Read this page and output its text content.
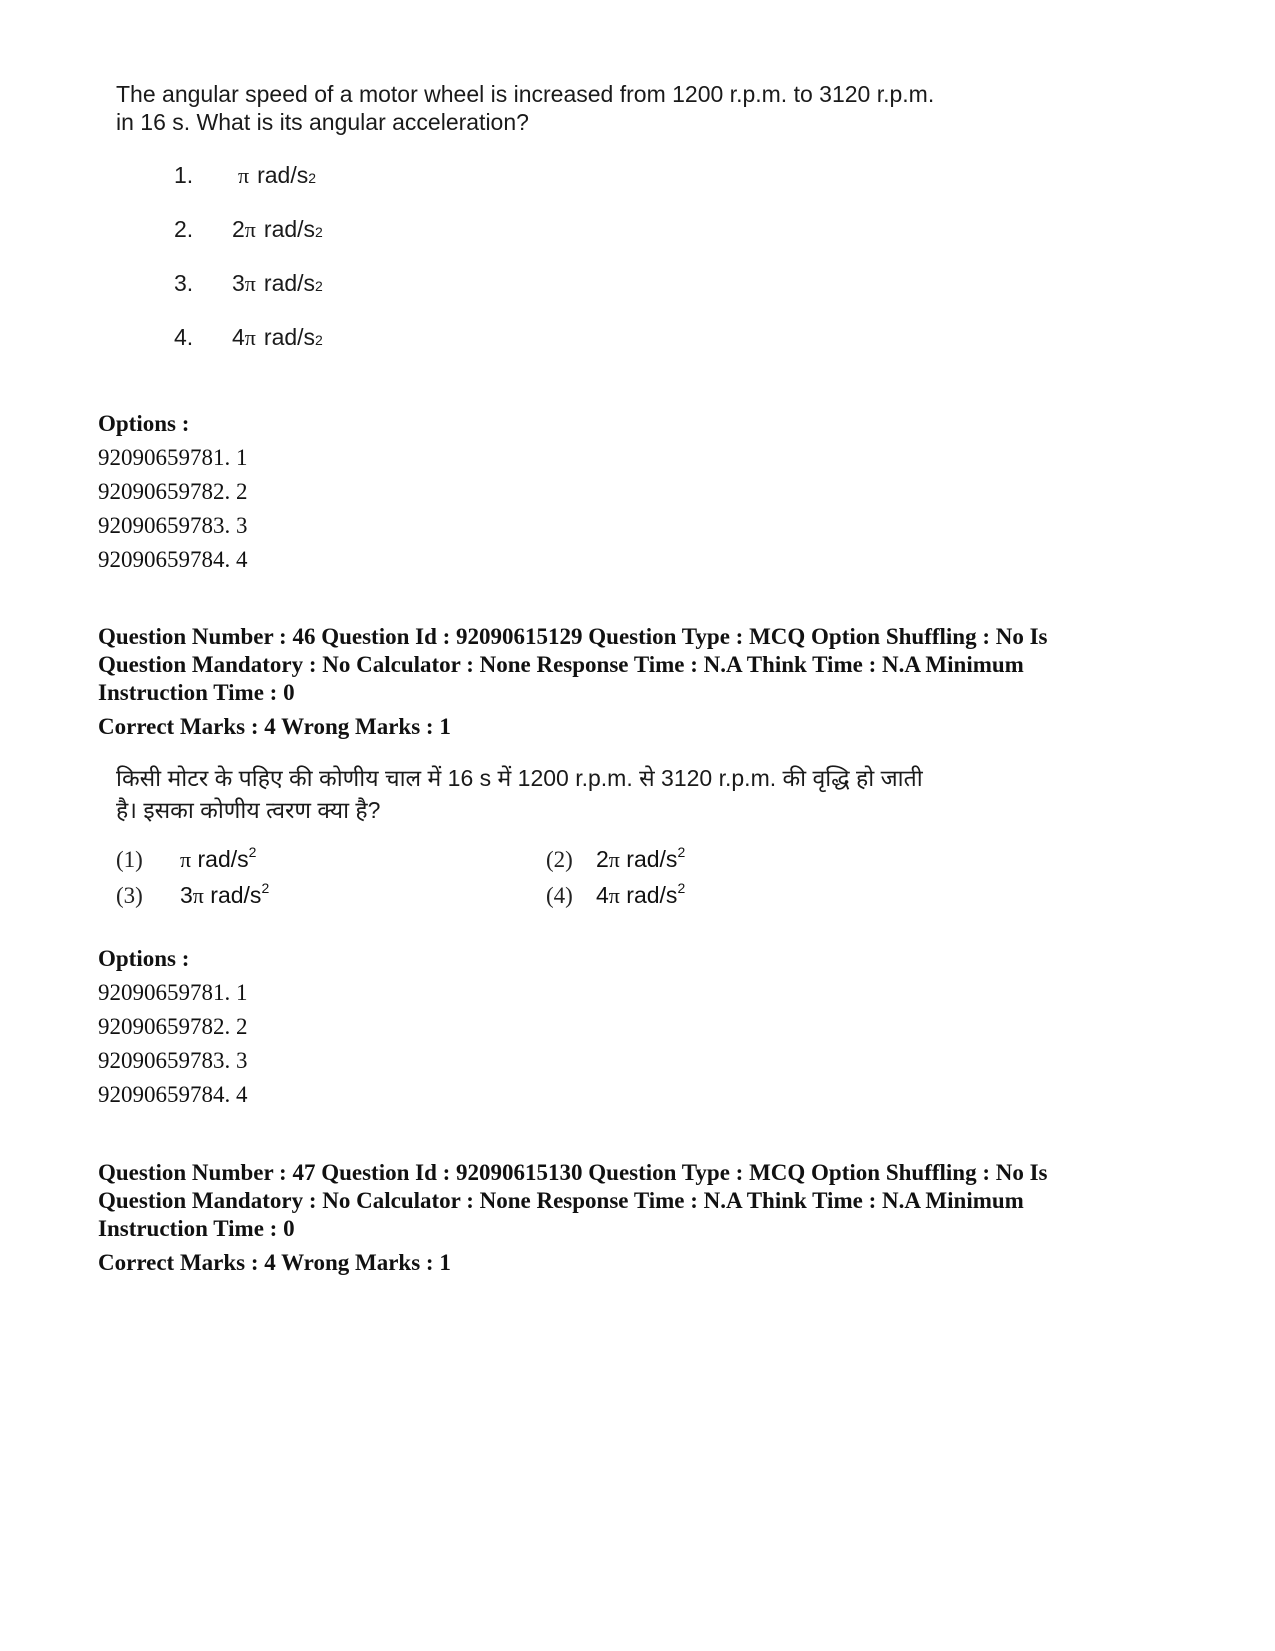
The angular speed of a motor wheel is increased from 1200 r.p.m. to 3120 r.p.m.
in 16 s. What is its angular acceleration?
1.	π rad/s 2
2.	2 π rad/s 2
3.	3 π rad/s 2
4.	4 π rad/s 2
Options :
92090659781. 1
92090659782. 2
92090659783. 3
92090659784. 4
Question Number : 46 Question Id : 92090615129 Question Type : MCQ Option Shuffling : No Is
Question Mandatory : No Calculator : None Response Time : N.A Think Time : N.A Minimum
Instruction Time : 0
Correct Marks : 4 Wrong Marks : 1
किसी मोटर के पहिए की कोणीय चाल में 16 s में 1200 r.p.m. से 3120 r.p.m. की वृद्धि हो जाती
है। इसका कोणीय त्वरण क्या है?
(1) π rad/$s^2$	(2) 2π rad/$s^2$
(3) 3π rad/$s^2$	(4) 4π rad/$s^2$
Options :
92090659781. 1
92090659782. 2
92090659783. 3
92090659784. 4
Question Number : 47 Question Id : 92090615130 Question Type : MCQ Option Shuffling : No Is
Question Mandatory : No Calculator : None Response Time : N.A Think Time : N.A Minimum
Instruction Time : 0
Correct Marks : 4 Wrong Marks : 1
